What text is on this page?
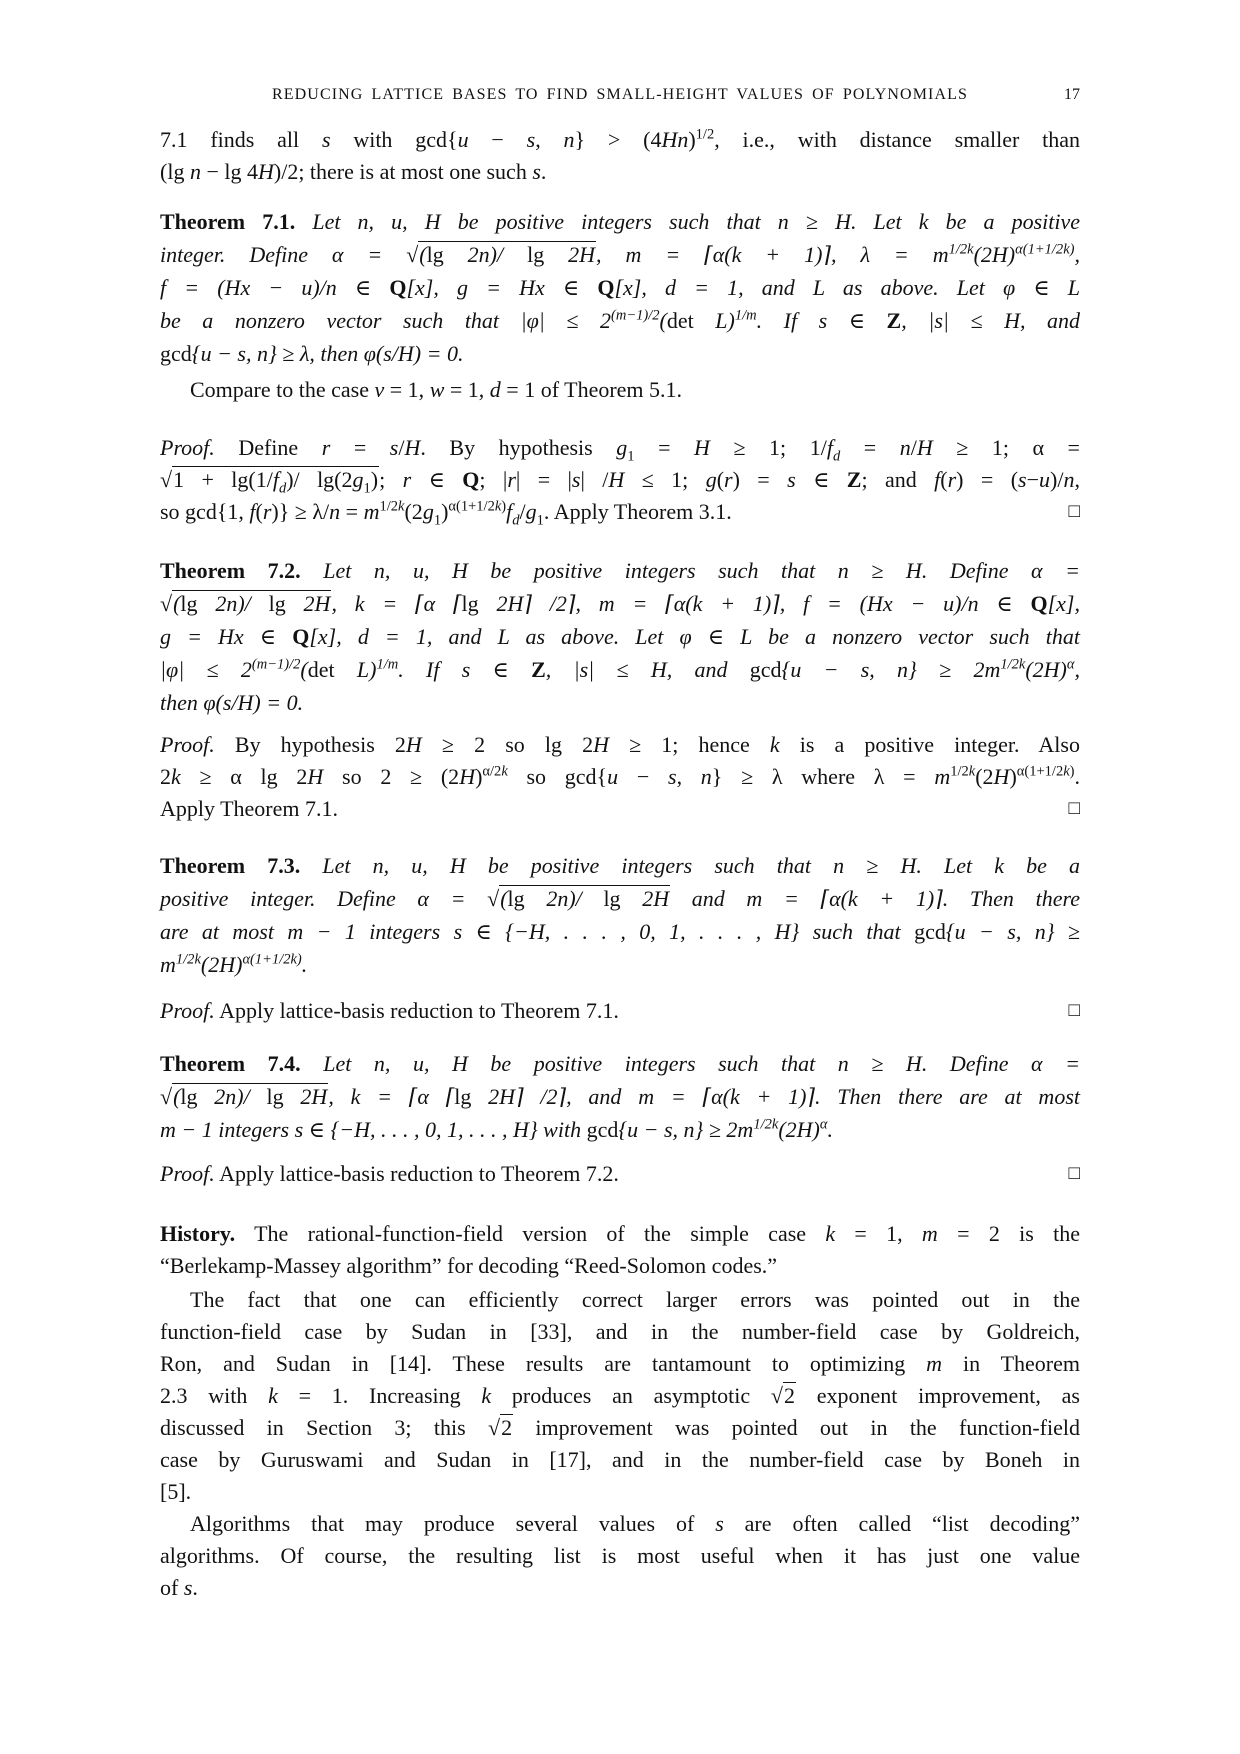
REDUCING LATTICE BASES TO FIND SMALL-HEIGHT VALUES OF POLYNOMIALS	17
7.1 finds all s with gcd{u − s, $n\} > (4Hn)^{1/2}$, i.e., with distance smaller than
(lg n − lg 4H)/2; there is at most one such s.
Theorem 7.1. Let n, u, H be positive integers such that n ≥ H. Let k be a positive
integer. Define α = √(lg 2n)/ lg 2H, m = ⌈α(k + 1)⌉, $\lambda = m^{1/2k}(2H)^{\alpha(1+1/2k)}$,
f = (Hx − u)/n ∈ Q[x], g = Hx ∈ Q[x], d = 1, and L as above. Let φ ∈ L
be a nonzero vector such that $|\varphi| \le 2^{(m-1)/2}(\det$ L)$^{1/m}$. If s ∈ Z, |s| ≤ H, and
gcd{u − s, n} ≥ λ, then φ(s/H) = 0.
Compare to the case v = 1, w = 1, d = 1 of Theorem 5.1.
Proof. Define r = s/H. By hypothesis $g_1 = H \ge 1$; $1/f_d = n/H \ge 1$; α =
$√1 + \lg(1/f_d)/$ $\lg(2g_1)$; r ∈ Q; |r| = |s| /H ≤ 1; g(r) = s ∈ Z; and f(r) = (s−u)/n,
so gcd{1, $f(r)\} \ge \lambda/n = m^{1/2k}(2g_1)^{\alpha(1+1/2k)}f_d/g_1$. Apply Theorem 3.1.	□
Theorem 7.2. Let n, u, H be positive integers such that n ≥ H. Define α =
√(lg 2n)/ lg 2H, k = ⌈α ⌈lg 2H⌉ /2⌉, m = ⌈α(k + 1)⌉, f = (Hx − u)/n ∈ Q[x],
g = Hx ∈ Q[x], d = 1, and L as above. Let φ ∈ L be a nonzero vector such that
$|\varphi| \le 2^{(m-1)/2}(\det$ L)$^{1/m}$. If s ∈ Z, |s| ≤ H, and gcd{u − s, $n\} \ge 2m^{1/2k}(2H)^\alpha$,
then φ(s/H) = 0.
Proof. By hypothesis 2H ≥ 2 so lg 2H ≥ 1; hence k is a positive integer. Also
2k ≥ α lg 2H so $2 \ge (2H)^{\alpha/2k}$ so gcd{u − s, n} ≥ λ where $\lambda = m^{1/2k}(2H)^{\alpha(1+1/2k)}$.
Apply Theorem 7.1.	□
Theorem 7.3. Let n, u, H be positive integers such that n ≥ H. Let k be a
positive integer. Define α = √(lg 2n)/ lg 2H and m = ⌈α(k + 1)⌉. Then there
are at most m − 1 integers s ∈ {−H, . . . , 0, 1, . . . , H} such that gcd{u − s, n} ≥
$m^{1/2k}(2H)^{\alpha(1+1/2k)}$.
Proof. Apply lattice-basis reduction to Theorem 7.1.	□
Theorem 7.4. Let n, u, H be positive integers such that n ≥ H. Define α =
√(lg 2n)/ lg 2H, k = ⌈α ⌈lg 2H⌉ /2⌉, and m = ⌈α(k + 1)⌉. Then there are at most
m − 1 integers s ∈ {−H, . . . , 0, 1, . . . , H} with gcd{u − s, $n\} \ge 2m^{1/2k}(2H)^\alpha$.
Proof. Apply lattice-basis reduction to Theorem 7.2.	□
History. The rational-function-field version of the simple case k = 1, m = 2 is the
“Berlekamp-Massey algorithm” for decoding “Reed-Solomon codes.”
The fact that one can efficiently correct larger errors was pointed out in the
function-field case by Sudan in [33], and in the number-field case by Goldreich,
Ron, and Sudan in [14]. These results are tantamount to optimizing m in Theorem
2.3 with k = 1. Increasing k produces an asymptotic √2 exponent improvement, as
discussed in Section 3; this √2 improvement was pointed out in the function-field
case by Guruswami and Sudan in [17], and in the number-field case by Boneh in
[5].
Algorithms that may produce several values of s are often called “list decoding”
algorithms. Of course, the resulting list is most useful when it has just one value
of s.
